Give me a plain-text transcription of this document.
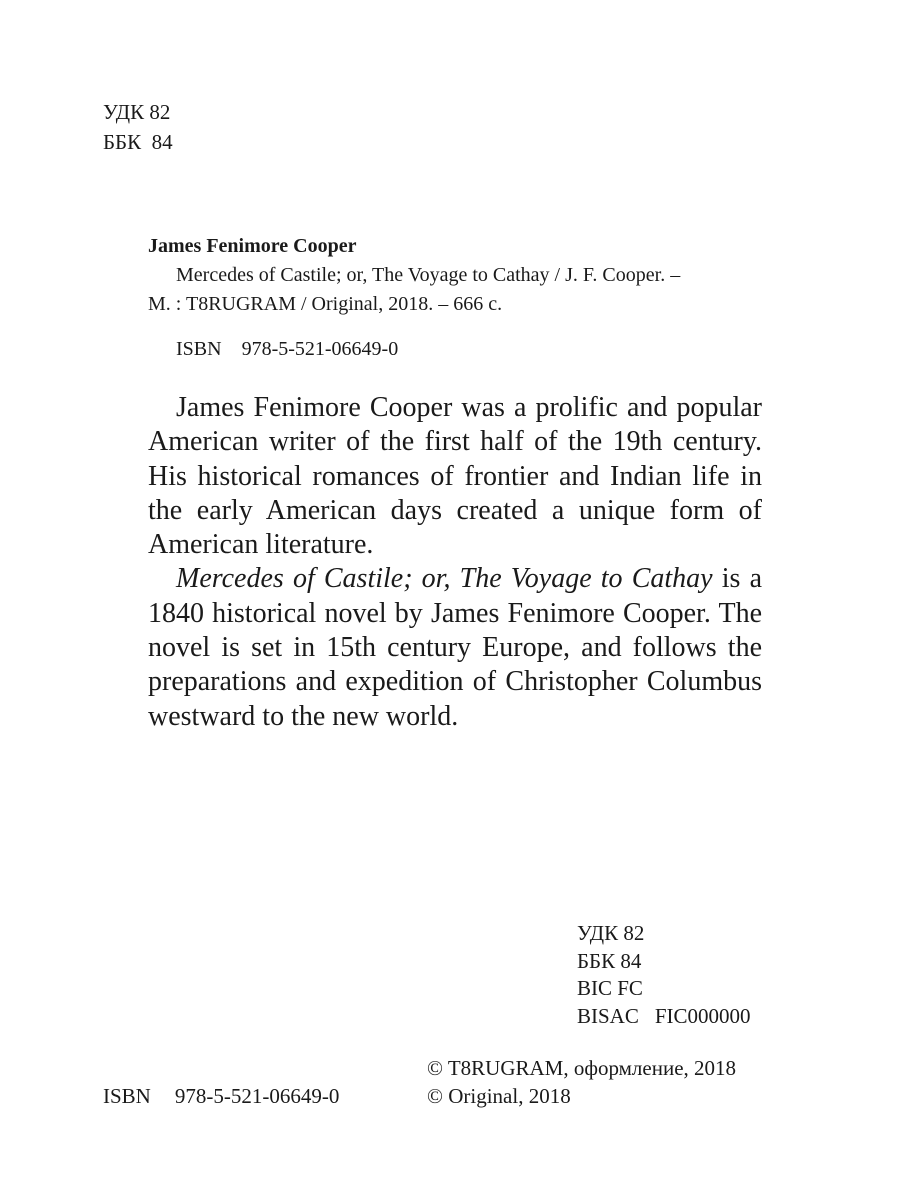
УДК 82
ББК  84
James Fenimore Cooper
Mercedes of Castile; or, The Voyage to Cathay / J. F. Cooper. –
M. : T8RUGRAM / Original, 2018. – 666 c.
ISBN 978-5-521-06649-0

James Fenimore Cooper was a prolific and popular American writer of the first half of the 19th century. His historical romances of frontier and Indian life in the early American days created a unique form of American literature.

Mercedes of Castile; or, The Voyage to Cathay is a 1840 historical novel by James Fenimore Cooper. The novel is set in 15th century Europe, and follows the preparations and expedition of Christopher Columbus westward to the new world.

УДК 82
ББК 84
BIC FC
BISAC FIC000000
© T8RUGRAM, оформление, 2018
© Original, 2018
ISBN 978-5-521-06649-0
